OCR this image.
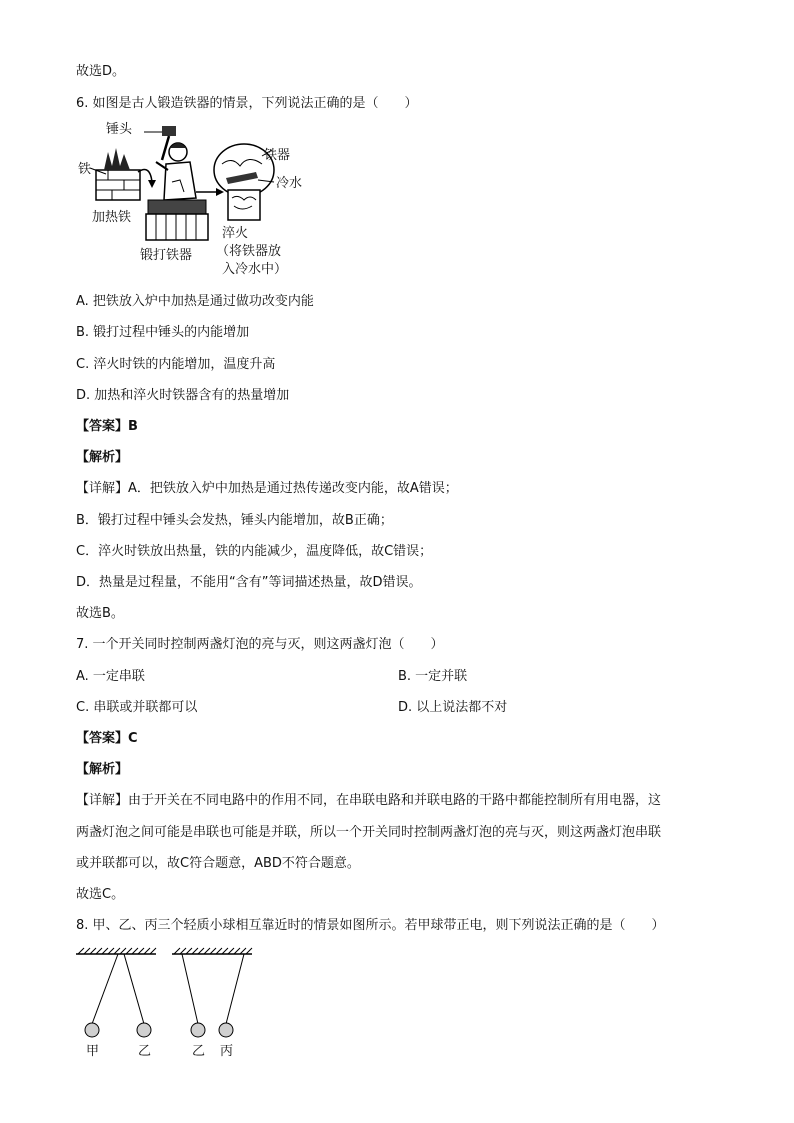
故选D。
6. 如图是古人锻造铁器的情景，下列说法正确的是（　　）
锤头
铁
加热铁
锻打铁器
铁器
冷水
淬火
（将铁器放
入冷水中）
A. 把铁放入炉中加热是通过做功改变内能
B. 锻打过程中锤头的内能增加
C. 淬火时铁的内能增加，温度升高
D. 加热和淬火时铁器含有的热量增加
【答案】B
【解析】
【详解】A．把铁放入炉中加热是通过热传递改变内能，故A错误；
B．锻打过程中锤头会发热，锤头内能增加，故B正确；
C．淬火时铁放出热量，铁的内能减少，温度降低，故C错误；
D．热量是过程量，不能用“含有”等词描述热量，故D错误。
故选B。
7. 一个开关同时控制两盏灯泡的亮与灭，则这两盏灯泡（　　）
A. 一定串联	B. 一定并联
C. 串联或并联都可以	D. 以上说法都不对
【答案】C
【解析】
【详解】由于开关在不同电路中的作用不同，在串联电路和并联电路的干路中都能控制所有用电器，这
两盏灯泡之间可能是串联也可能是并联，所以一个开关同时控制两盏灯泡的亮与灭，则这两盏灯泡串联
或并联都可以，故C符合题意，ABD不符合题意。
故选C。
8. 甲、乙、丙三个轻质小球相互靠近时的情景如图所示。若甲球带正电，则下列说法正确的是（　　）
甲	乙	乙 丙
